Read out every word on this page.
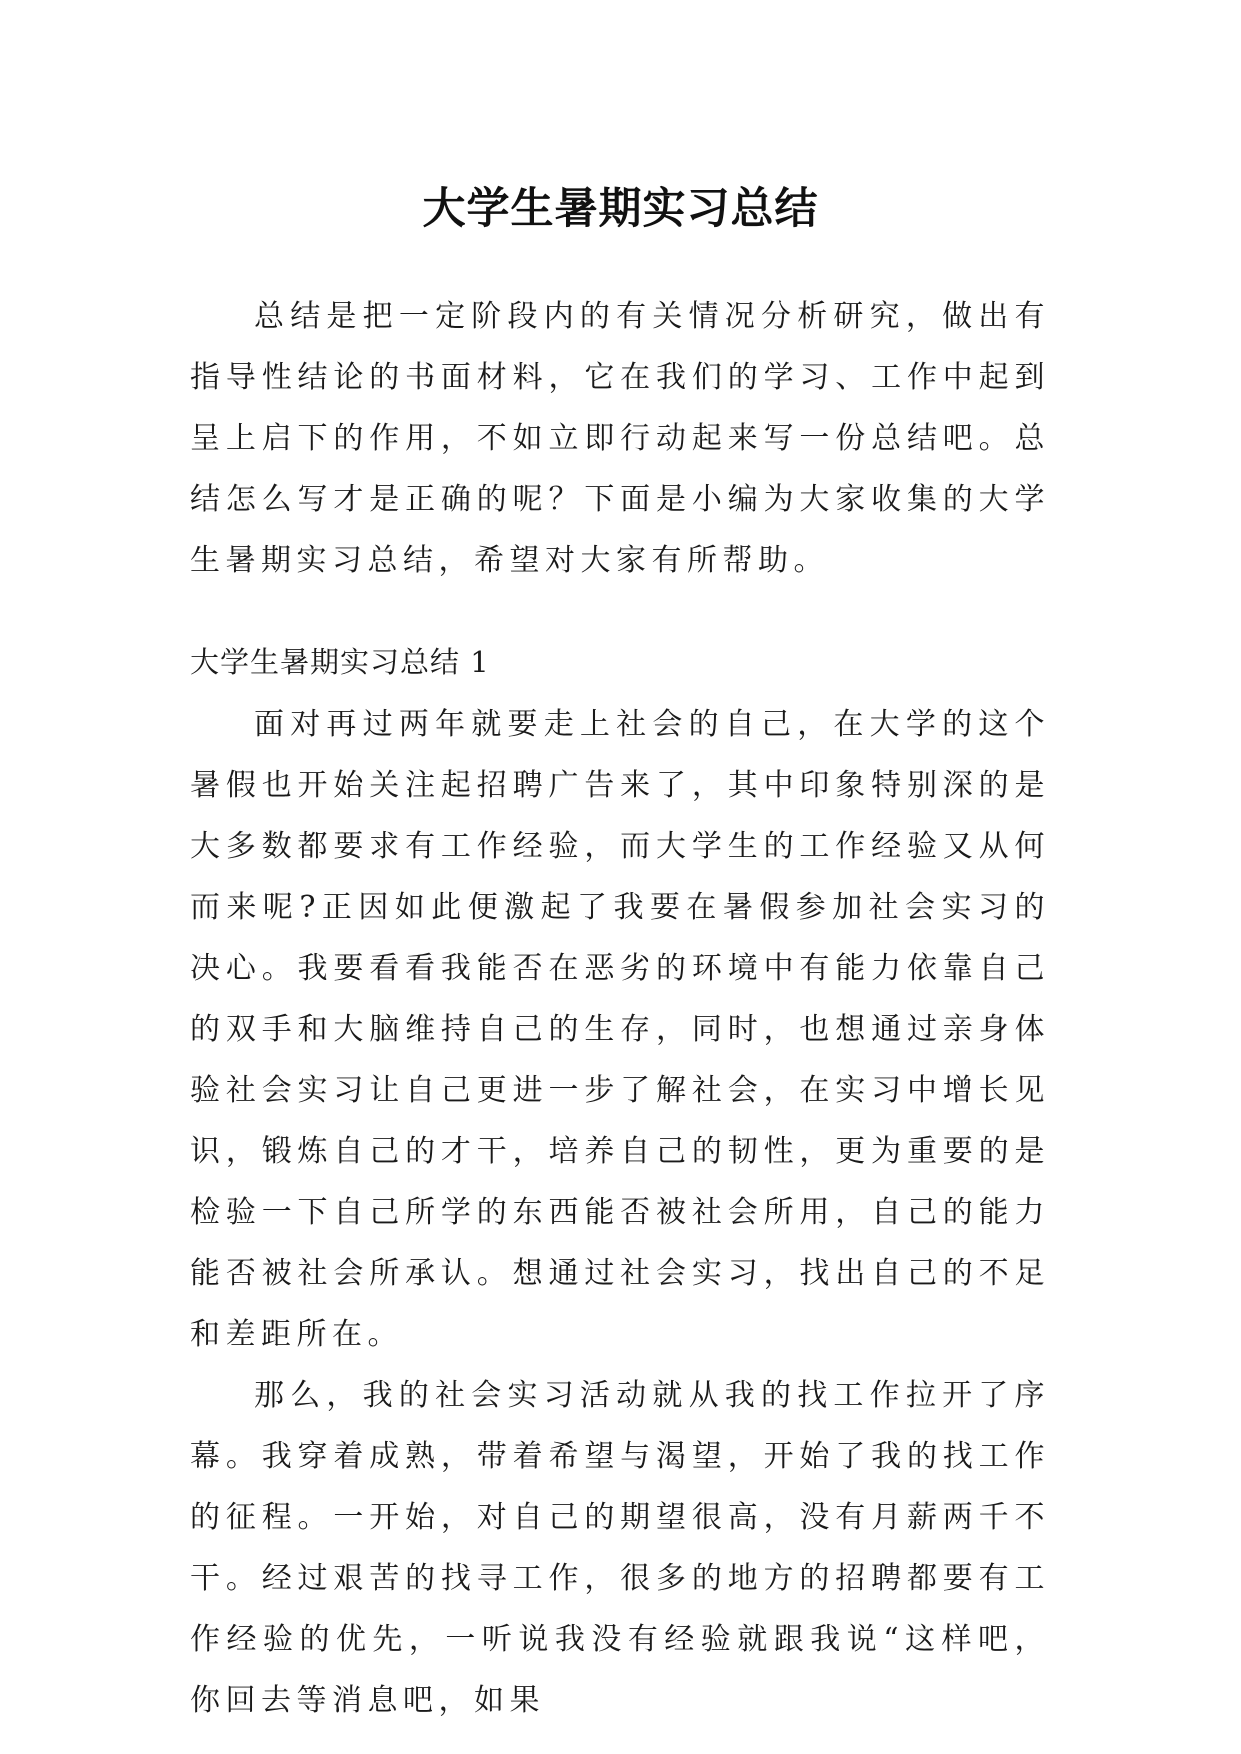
大学生暑期实习总结

总结是把一定阶段内的有关情况分析研究，做出有指导性结论的书面材料，它在我们的学习、工作中起到呈上启下的作用，不如立即行动起来写一份总结吧。总结怎么写才是正确的呢？下面是小编为大家收集的大学生暑期实习总结，希望对大家有所帮助。

大学生暑期实习总结 1

面对再过两年就要走上社会的自己，在大学的这个暑假也开始关注起招聘广告来了，其中印象特别深的是大多数都要求有工作经验，而大学生的工作经验又从何而来呢?正因如此便激起了我要在暑假参加社会实习的决心。我要看看我能否在恶劣的环境中有能力依靠自己的双手和大脑维持自己的生存，同时，也想通过亲身体验社会实习让自己更进一步了解社会，在实习中增长见识，锻炼自己的才干，培养自己的韧性，更为重要的是检验一下自己所学的东西能否被社会所用，自己的能力能否被社会所承认。想通过社会实习，找出自己的不足和差距所在。

那么，我的社会实习活动就从我的找工作拉开了序幕。我穿着成熟，带着希望与渴望，开始了我的找工作的征程。一开始，对自己的期望很高，没有月薪两千不干。经过艰苦的找寻工作，很多的地方的招聘都要有工作经验的优先，一听说我没有经验就跟我说“这样吧，你回去等消息吧，如果
